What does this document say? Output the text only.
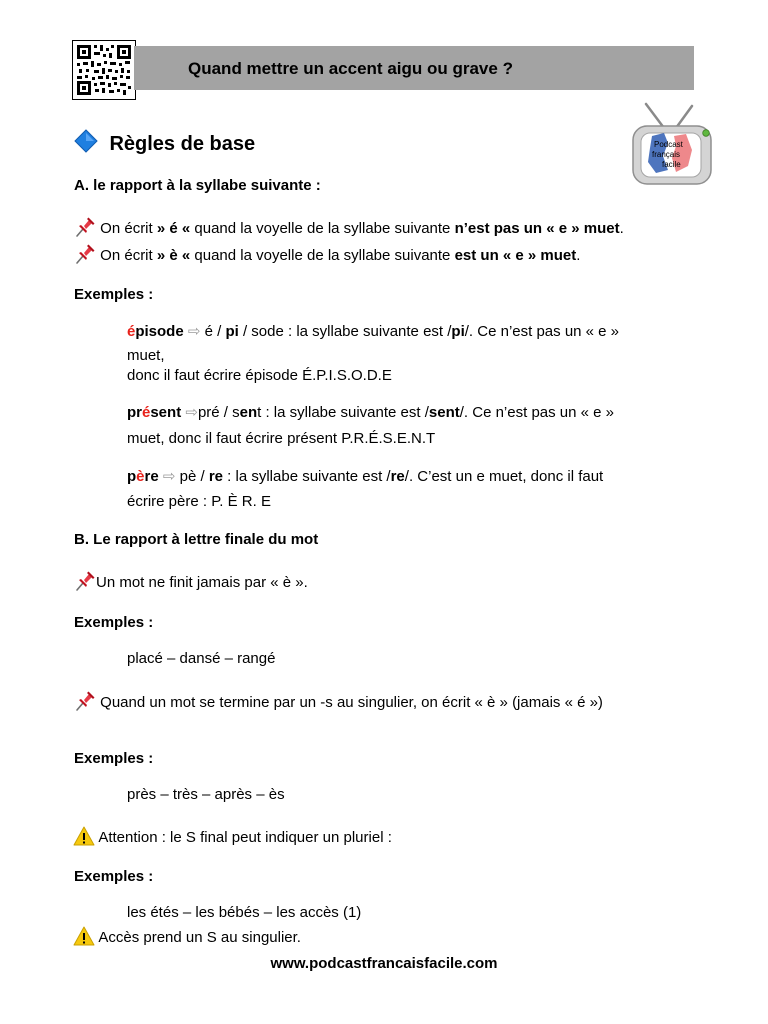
Quand mettre un accent aigu ou grave ?
Podcast
français
facile
Règles de base
A. le rapport à la syllabe suivante :
On écrit » é « quand la voyelle de la syllabe suivante n’est pas un « e » muet.
On écrit » è « quand la voyelle de la syllabe suivante est un « e » muet.
Exemples :
épisode ⇨ é / pi / sode : la syllabe suivante est /pi/. Ce n’est pas un « e »
muet,
donc il faut écrire épisode É.P.I.S.O.D.E
présent ⇨pré / sent : la syllabe suivante est /sent/. Ce n’est pas un « e »
muet, donc il faut écrire présent P.R.É.S.E.N.T
père ⇨ pè / re : la syllabe suivante est /re/. C’est un e muet, donc il faut
écrire père : P. È R. E
B. Le rapport à lettre finale du mot
Un mot ne finit jamais par « è ».
Exemples :
placé – dansé – rangé
Quand un mot se termine par un -s au singulier, on écrit « è » (jamais « é »)
Exemples :
près – très – après – ès
Attention : le S final peut indiquer un pluriel :
Exemples :
les étés – les bébés – les accès (1)
Accès prend un S au singulier.
www.podcastfrancaisfacile.com
